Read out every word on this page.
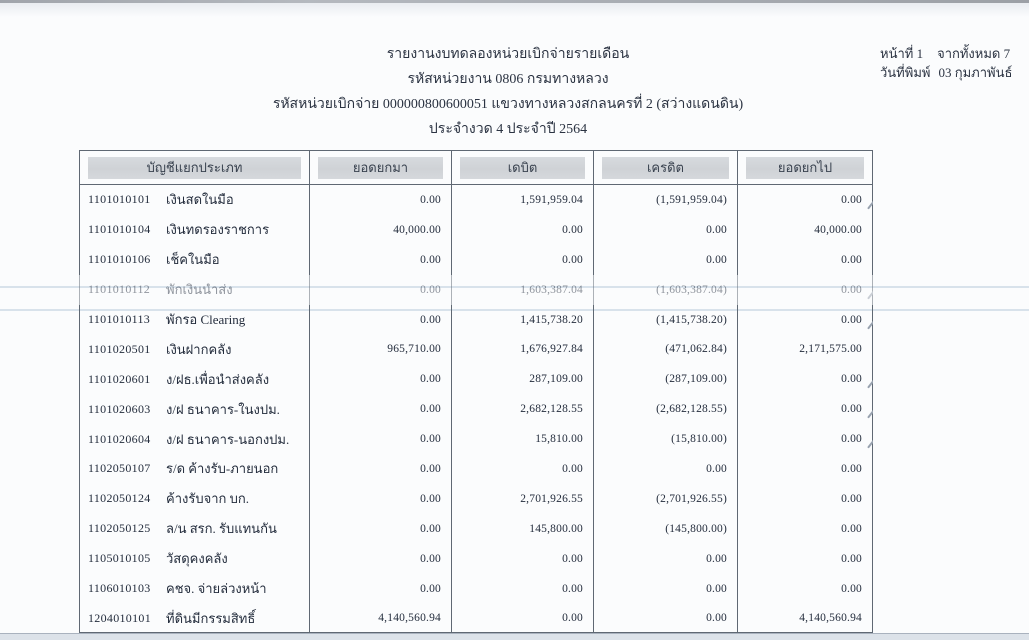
รายงานงบทดลองหน่วยเบิกจ่ายรายเดือน
รหัสหน่วยงาน 0806 กรมทางหลวง
รหัสหน่วยเบิกจ่าย 000000800600051 แขวงทางหลวงสกลนครที่ 2 (สว่างแดนดิน)
ประจำงวด 4 ประจำปี 2564
หน้าที่ 1 จากทั้งหมด 7
วันที่พิมพ์ 03 กุมภาพันธ์
บัญชีแยกประเภท	ยอดยกมา	เดบิต	เครดิต	ยอดยกไป
1101010101	เงินสดในมือ	0.00	1,591,959.04	(1,591,959.04)	0.00
1101010104	เงินทดรองราชการ	40,000.00	0.00	0.00	40,000.00
1101010106	เช็คในมือ	0.00	0.00	0.00	0.00
1101010112	พักเงินนำส่ง	0.00	1,603,387.04	(1,603,387.04)	0.00
1101010113	พักรอ Clearing	0.00	1,415,738.20	(1,415,738.20)	0.00
1101020501	เงินฝากคลัง	965,710.00	1,676,927.84	(471,062.84)	2,171,575.00
1101020601	ง/ฝธ.เพื่อนำส่งคลัง	0.00	287,109.00	(287,109.00)	0.00
1101020603	ง/ฝ ธนาคาร-ในงปม.	0.00	2,682,128.55	(2,682,128.55)	0.00
1101020604	ง/ฝ ธนาคาร-นอกงปม.	0.00	15,810.00	(15,810.00)	0.00
1102050107	ร/ด ค้างรับ-ภายนอก	0.00	0.00	0.00	0.00
1102050124	ค้างรับจาก บก.	0.00	2,701,926.55	(2,701,926.55)	0.00
1102050125	ล/น สรก. รับแทนกัน	0.00	145,800.00	(145,800.00)	0.00
1105010105	วัสดุคงคลัง	0.00	0.00	0.00	0.00
1106010103	คชจ. จ่ายล่วงหน้า	0.00	0.00	0.00	0.00
1204010101	ที่ดินมีกรรมสิทธิ์	4,140,560.94	0.00	0.00	4,140,560.94
